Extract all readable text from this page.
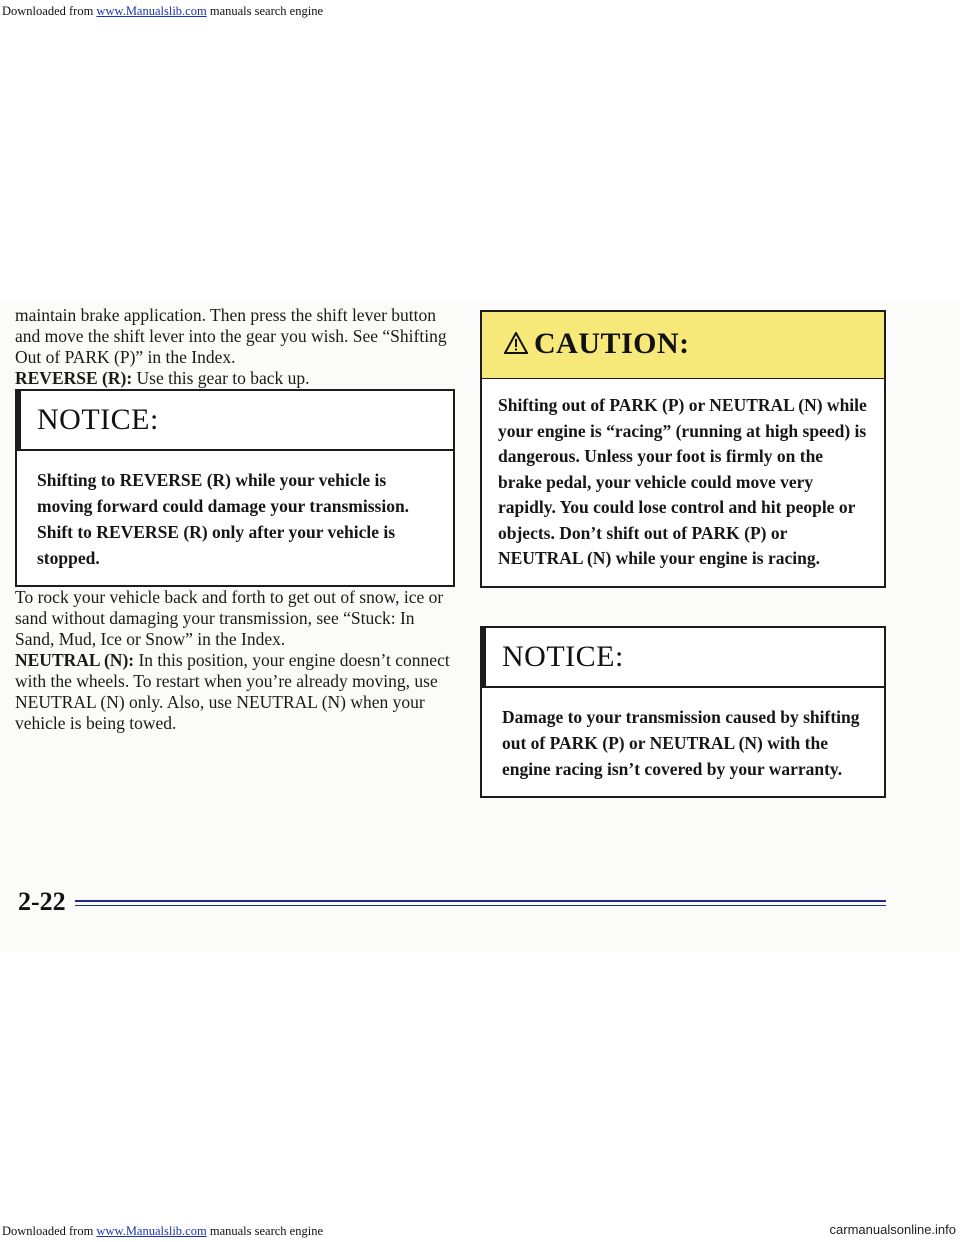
Downloaded from www.Manualslib.com manuals search engine

maintain brake application. Then press the shift lever button and move the shift lever into the gear you wish. See “Shifting Out of PARK (P)” in the Index.

REVERSE (R): Use this gear to back up.

NOTICE:
Shifting to REVERSE (R) while your vehicle is moving forward could damage your transmission. Shift to REVERSE (R) only after your vehicle is stopped.

To rock your vehicle back and forth to get out of snow, ice or sand without damaging your transmission, see “Stuck: In Sand, Mud, Ice or Snow” in the Index.

NEUTRAL (N): In this position, your engine doesn’t connect with the wheels. To restart when you’re already moving, use NEUTRAL (N) only. Also, use NEUTRAL (N) when your vehicle is being towed.

CAUTION:
Shifting out of PARK (P) or NEUTRAL (N) while your engine is “racing” (running at high speed) is dangerous. Unless your foot is firmly on the brake pedal, your vehicle could move very rapidly. You could lose control and hit people or objects. Don’t shift out of PARK (P) or NEUTRAL (N) while your engine is racing.
NOTICE:
Damage to your transmission caused by shifting out of PARK (P) or NEUTRAL (N) with the engine racing isn’t covered by your warranty.
2-22
Downloaded from www.Manualslib.com manuals search engine	carmanualsonline.info
